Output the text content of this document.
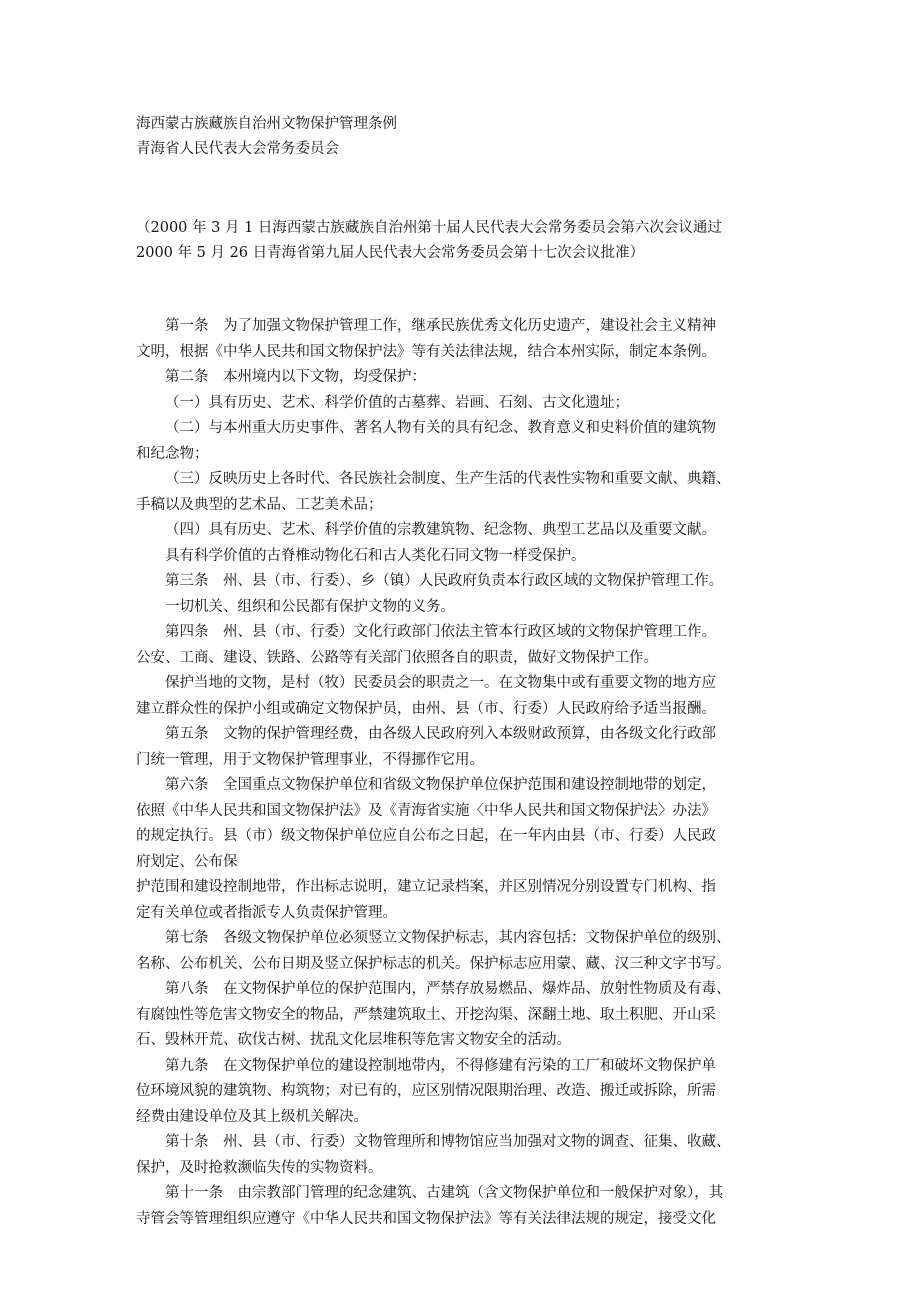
海西蒙古族藏族自治州文物保护管理条例
青海省人民代表大会常务委员会
（2000 年 3 月 1 日海西蒙古族藏族自治州第十届人民代表大会常务委员会第六次会议通过
2000 年 5 月 26 日青海省第九届人民代表大会常务委员会第十七次会议批准）
第一条　为了加强文物保护管理工作，继承民族优秀文化历史遗产，建设社会主义精神
文明，根据《中华人民共和国文物保护法》等有关法律法规，结合本州实际，制定本条例。
第二条　本州境内以下文物，均受保护：
（一）具有历史、艺术、科学价值的古墓葬、岩画、石刻、古文化遗址；
（二）与本州重大历史事件、著名人物有关的具有纪念、教育意义和史料价值的建筑物
和纪念物；
（三）反映历史上各时代、各民族社会制度、生产生活的代表性实物和重要文献、典籍、
手稿以及典型的艺术品、工艺美术品；
（四）具有历史、艺术、科学价值的宗教建筑物、纪念物、典型工艺品以及重要文献。
具有科学价值的古脊椎动物化石和古人类化石同文物一样受保护。
第三条　州、县（市、行委）、乡（镇）人民政府负责本行政区域的文物保护管理工作。
一切机关、组织和公民都有保护文物的义务。
第四条　州、县（市、行委）文化行政部门依法主管本行政区域的文物保护管理工作。
公安、工商、建设、铁路、公路等有关部门依照各自的职责，做好文物保护工作。
保护当地的文物，是村（牧）民委员会的职责之一。在文物集中或有重要文物的地方应
建立群众性的保护小组或确定文物保护员，由州、县（市、行委）人民政府给予适当报酬。
第五条　文物的保护管理经费，由各级人民政府列入本级财政预算，由各级文化行政部
门统一管理，用于文物保护管理事业，不得挪作它用。
第六条　全国重点文物保护单位和省级文物保护单位保护范围和建设控制地带的划定，
依照《中华人民共和国文物保护法》及《青海省实施〈中华人民共和国文物保护法〉办法》
的规定执行。县（市）级文物保护单位应自公布之日起，在一年内由县（市、行委）人民政
府划定、公布保
护范围和建设控制地带，作出标志说明，建立记录档案，并区别情况分别设置专门机构、指
定有关单位或者指派专人负责保护管理。
第七条　各级文物保护单位必须竖立文物保护标志，其内容包括：文物保护单位的级别、
名称、公布机关、公布日期及竖立保护标志的机关。保护标志应用蒙、藏、汉三种文字书写。
第八条　在文物保护单位的保护范围内，严禁存放易燃品、爆炸品、放射性物质及有毒、
有腐蚀性等危害文物安全的物品，严禁建筑取土、开挖沟渠、深翻土地、取土积肥、开山采
石、毁林开荒、砍伐古树、扰乱文化层堆积等危害文物安全的活动。
第九条　在文物保护单位的建设控制地带内，不得修建有污染的工厂和破坏文物保护单
位环境风貌的建筑物、构筑物；对已有的，应区别情况限期治理、改造、搬迁或拆除，所需
经费由建设单位及其上级机关解决。
第十条　州、县（市、行委）文物管理所和博物馆应当加强对文物的调查、征集、收藏、
保护，及时抢救濒临失传的实物资料。
第十一条　由宗教部门管理的纪念建筑、古建筑（含文物保护单位和一般保护对象），其
寺管会等管理组织应遵守《中华人民共和国文物保护法》等有关法律法规的规定，接受文化
